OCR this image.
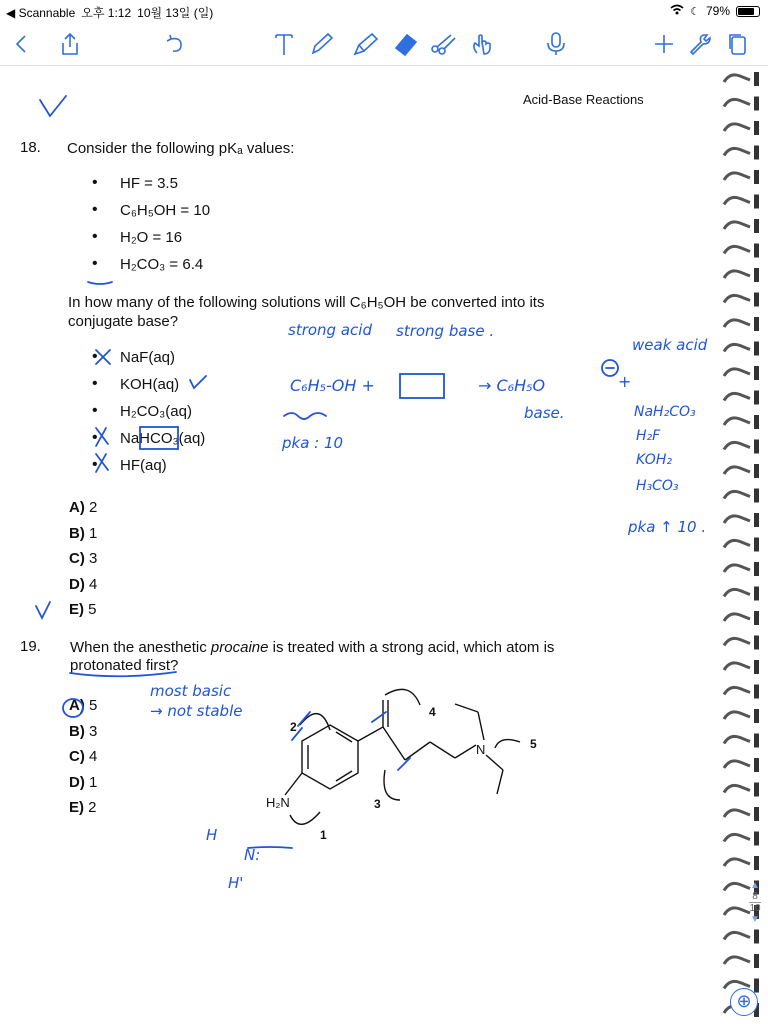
◀ Scannable 오후 1:12 10월 13일 (일)	☾ 79%
Acid-Base Reactions
18. Consider the following pKₐ values:
• HF = 3.5
• C₆H₅OH = 10
• H₂O = 16
• H₂CO₃ = 6.4
In how many of the following solutions will C₆H₅OH be converted into its
conjugate base?
• NaF(aq)
• KOH(aq)
• H₂CO₃(aq)
• NaHCO₃(aq)
• HF(aq)
A) 2
B) 1
C) 3
D) 4
E) 5
19. When the anesthetic procaine is treated with a strong acid, which atom is
protonated first?
A) 5
B) 3
C) 4
D) 1
E) 2	H₂N
N
1
2
3
4
5
strong acid strong base .
C₆H₅-OH +	→ C₆H₅O	+
weak acid
base.
pka : 10
NaH₂CO₃
H₂F
KOH₂
H₃CO₃
pka ↑ 10 .
most basic
→ not stable
H
N:
H'	▲
8
10
▼
⊕
